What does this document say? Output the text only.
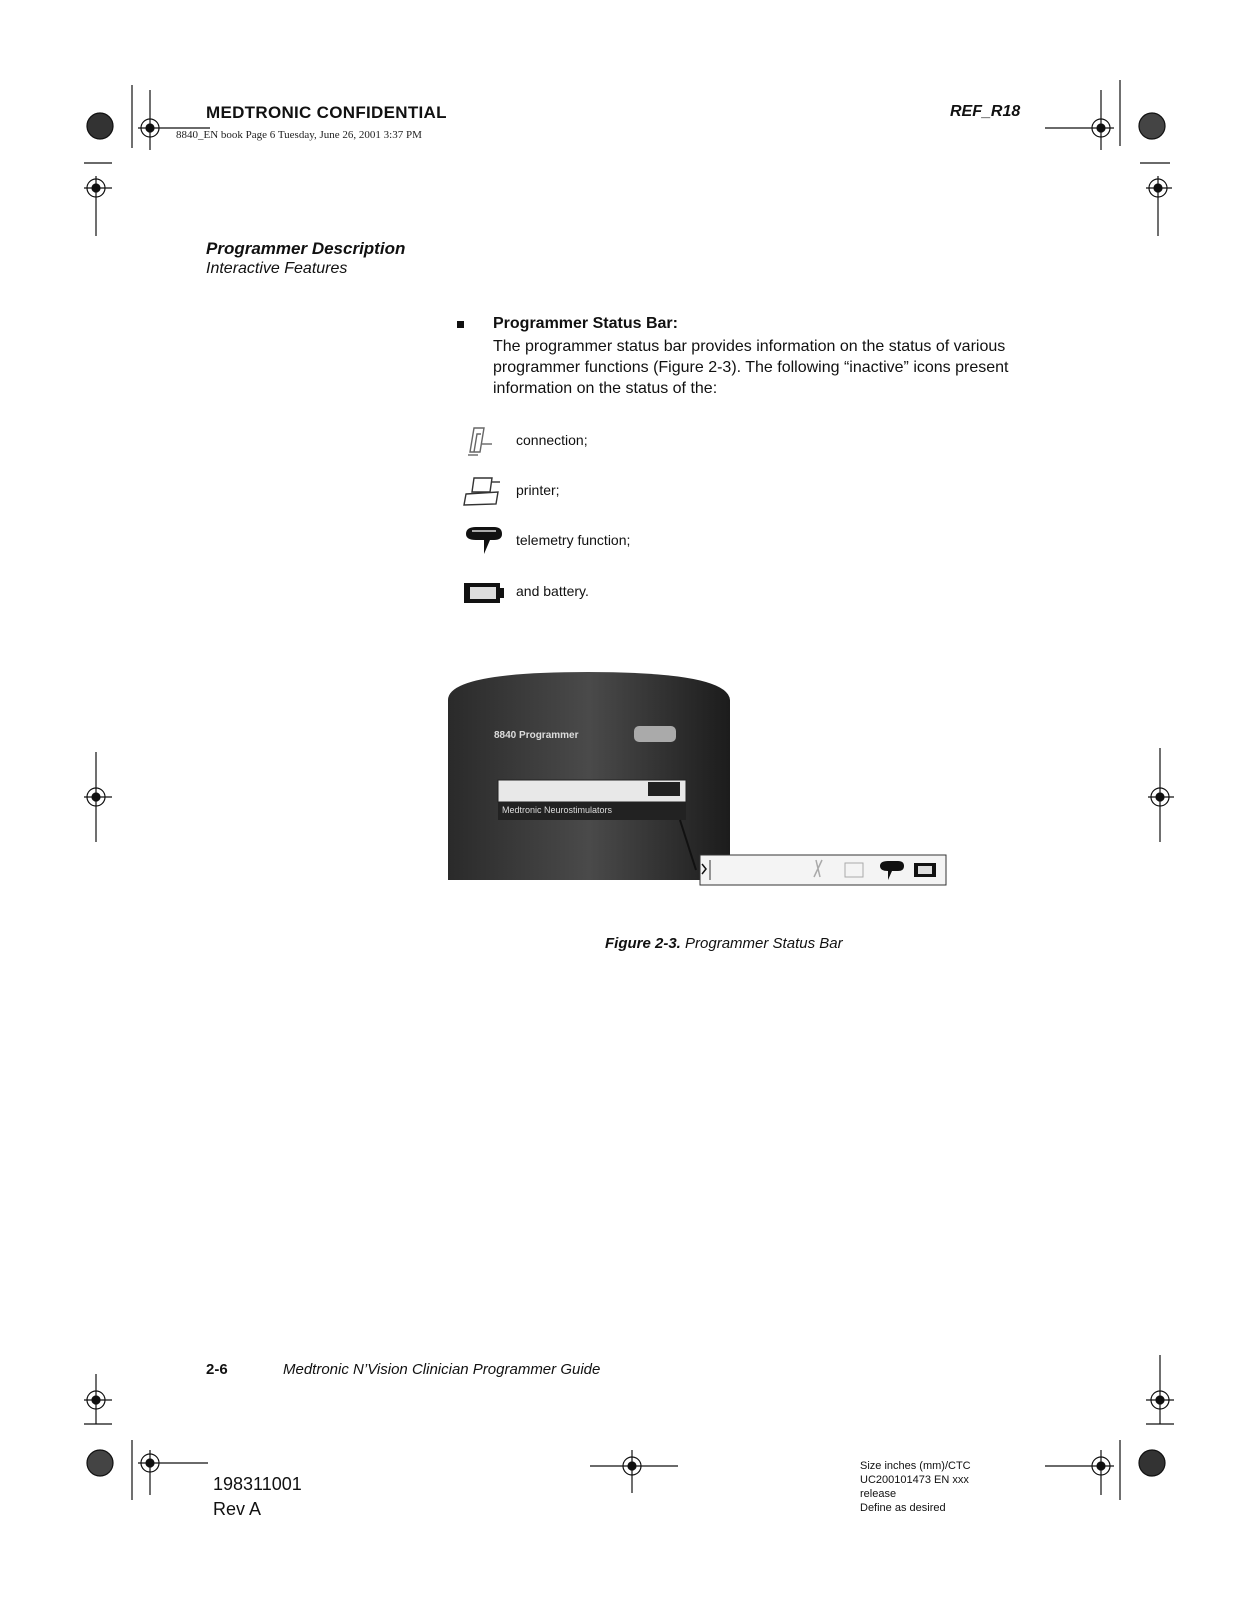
MEDTRONIC CONFIDENTIAL
8840_EN book Page 6 Tuesday, June 26, 2001 3:37 PM
REF_R18
Programmer Description
Interactive Features
Programmer Status Bar:
The programmer status bar provides information on the status of various programmer functions (Figure 2-3). The following “inactive” icons present information on the status of the:
connection;
printer;
telemetry function;
and battery.
8840 Programmer
Medtronic Neurostimulators
Figure 2-3. Programmer Status Bar
2-6	Medtronic N’Vision Clinician Programmer Guide
198311001
Rev A
Size inches (mm)/CTC
UC200101473 EN xxx
release
Define as desired
